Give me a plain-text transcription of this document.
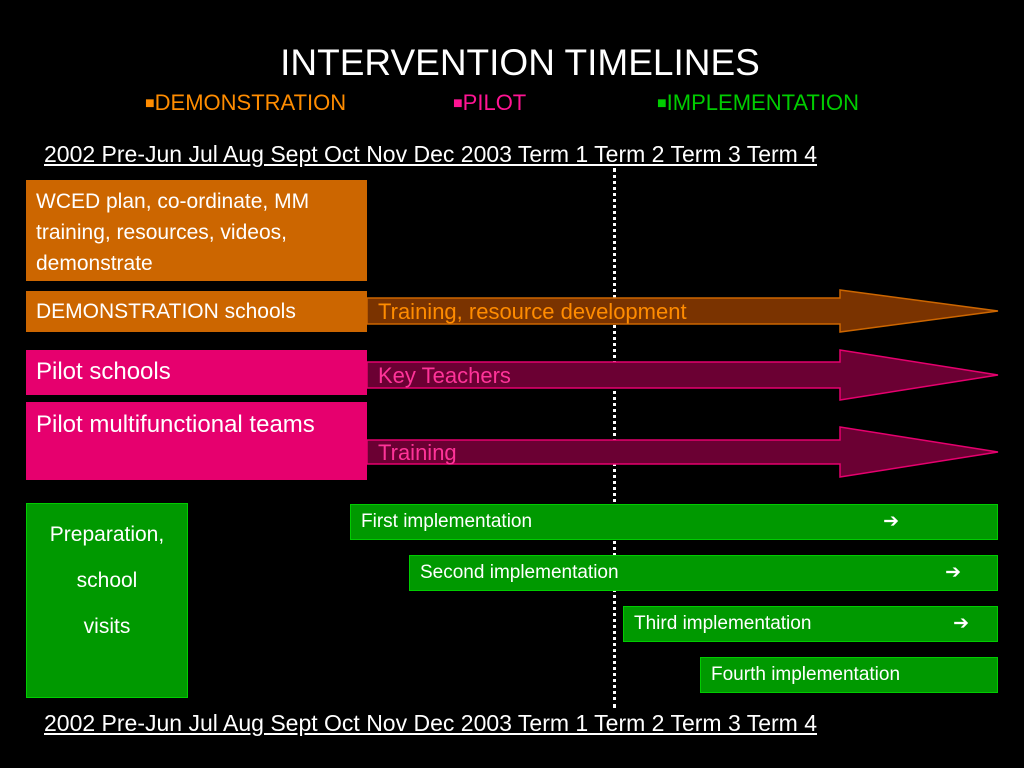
INTERVENTION TIMELINES
■DEMONSTRATION	■PILOT	■IMPLEMENTATION
2002 Pre-Jun Jul Aug Sept Oct Nov Dec 2003 Term 1 Term 2 Term 3 Term 4
WCED plan, co-ordinate, MM training, resources, videos, demonstrate
DEMONSTRATION schools
Pilot schools
Pilot multifunctional teams
Preparation,
school
visits
Training, resource development
Key Teachers
Training
First implementation	➔
Second implementation	➔
Third implementation	➔
Fourth implementation
2002 Pre-Jun Jul Aug Sept Oct Nov Dec 2003 Term 1 Term 2 Term 3 Term 4
